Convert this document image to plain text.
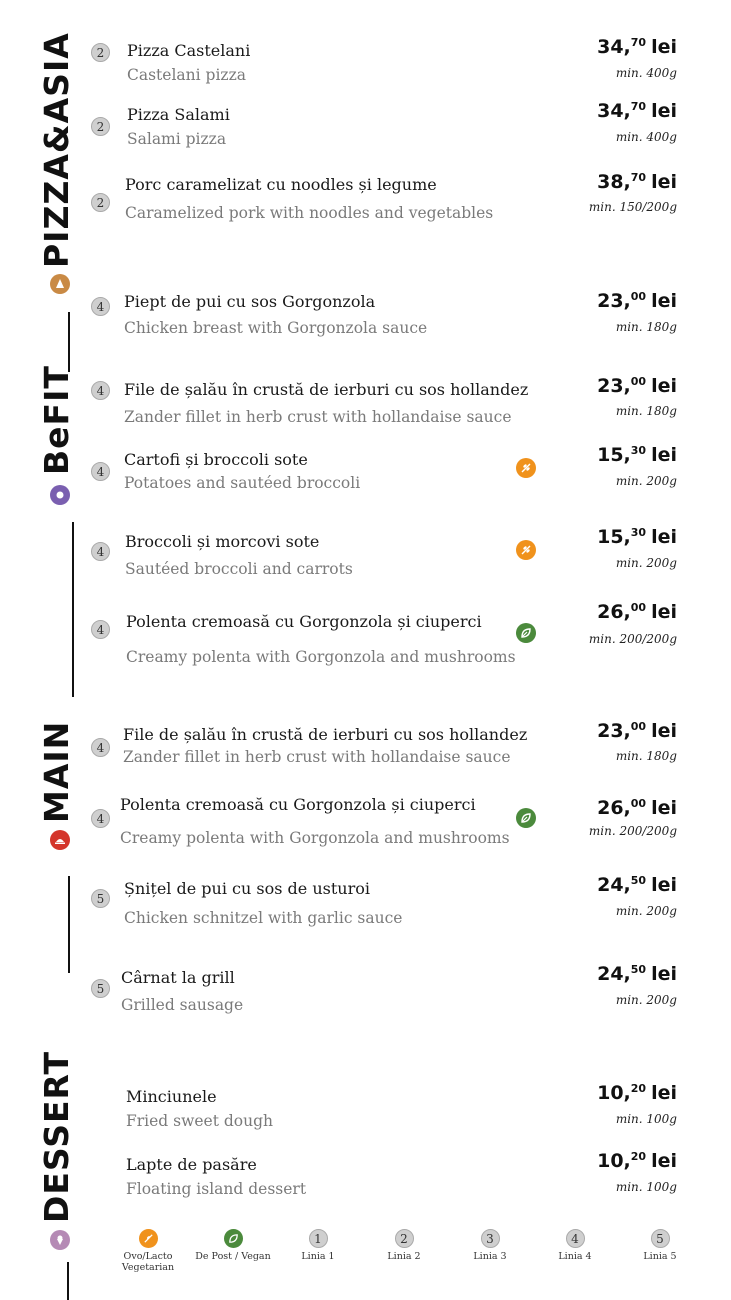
PIZZA&ASIA
BeFIT
MAIN
DESSERT
2	Pizza Castelani
Castelani pizza
34,70 lei
min. 400g
2
Pizza Salami
Salami pizza
34,70 lei
min. 400g
2
Porc caramelizat cu noodles și legume
Caramelized pork with noodles and vegetables
38,70 lei
min. 150/200g
4	Piept de pui cu sos Gorgonzola
Chicken breast with Gorgonzola sauce
23,00 lei
min. 180g
4	File de șalău în crustă de ierburi cu sos hollandez
Zander fillet in herb crust with hollandaise sauce
23,00 lei
min. 180g
4
Cartofi și broccoli sote
Potatoes and sautéed broccoli
15,30 lei
min. 200g
4
Broccoli și morcovi sote
Sautéed broccoli and carrots
15,30 lei
min. 200g
4	Polenta cremoasă cu Gorgonzola și ciuperci
Creamy polenta with Gorgonzola and mushrooms
26,00 lei
min. 200/200g
4
File de șalău în crustă de ierburi cu sos hollandez
Zander fillet in herb crust with hollandaise sauce
23,00 lei
min. 180g
4
Polenta cremoasă cu Gorgonzola și ciuperci
Creamy polenta with Gorgonzola and mushrooms
26,00 lei
min. 200/200g
5
Șnițel de pui cu sos de usturoi
Chicken schnitzel with garlic sauce
24,50 lei
min. 200g
5
Cârnat la grill
Grilled sausage
24,50 lei
min. 200g
Minciunele
Fried sweet dough
10,20 lei
min. 100g
Lapte de pasăre
Floating island dessert
10,20 lei
min. 100g
Ovo/Lacto Vegetarian
De Post / Vegan
1
Linia 1
2
Linia 2
3
Linia 3
4
Linia 4
5
Linia 5
